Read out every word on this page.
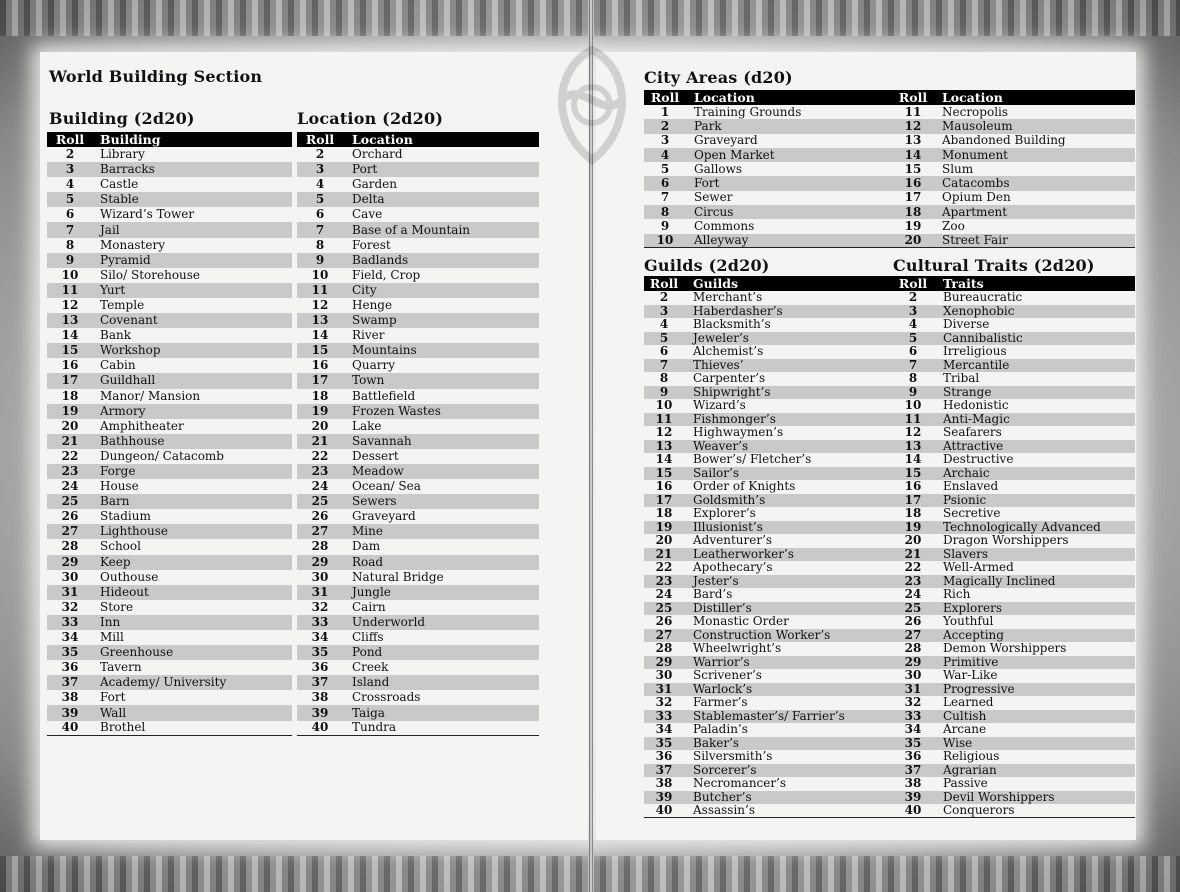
World Building Section
Building (2d20)
Roll	Building
2	Library
3	Barracks
4	Castle
5	Stable
6	Wizard’s Tower
7	Jail
8	Monastery
9	Pyramid
10	Silo/ Storehouse
11	Yurt
12	Temple
13	Covenant
14	Bank
15	Workshop
16	Cabin
17	Guildhall
18	Manor/ Mansion
19	Armory
20	Amphitheater
21	Bathhouse
22	Dungeon/ Catacomb
23	Forge
24	House
25	Barn
26	Stadium
27	Lighthouse
28	School
29	Keep
30	Outhouse
31	Hideout
32	Store
33	Inn
34	Mill
35	Greenhouse
36	Tavern
37	Academy/ University
38	Fort
39	Wall
40	Brothel
Location (2d20)
Roll	Location
2	Orchard
3	Port
4	Garden
5	Delta
6	Cave
7	Base of a Mountain
8	Forest
9	Badlands
10	Field, Crop
11	City
12	Henge
13	Swamp
14	River
15	Mountains
16	Quarry
17	Town
18	Battlefield
19	Frozen Wastes
20	Lake
21	Savannah
22	Dessert
23	Meadow
24	Ocean/ Sea
25	Sewers
26	Graveyard
27	Mine
28	Dam
29	Road
30	Natural Bridge
31	Jungle
32	Cairn
33	Underworld
34	Cliffs
35	Pond
36	Creek
37	Island
38	Crossroads
39	Taiga
40	Tundra
City Areas (d20)
Roll	Location	Roll	Location
1	Training Grounds	11	Necropolis
2	Park	12	Mausoleum
3	Graveyard	13	Abandoned Building
4	Open Market	14	Monument
5	Gallows	15	Slum
6	Fort	16	Catacombs
7	Sewer	17	Opium Den
8	Circus	18	Apartment
9	Commons	19	Zoo
10	Alleyway	20	Street Fair
Guilds (2d20)	Cultural Traits (2d20)
Roll	Guilds	Roll	Traits
2	Merchant’s	2	Bureaucratic
3	Haberdasher’s	3	Xenophobic
4	Blacksmith’s	4	Diverse
5	Jeweler’s	5	Cannibalistic
6	Alchemist’s	6	Irreligious
7	Thieves’	7	Mercantile
8	Carpenter’s	8	Tribal
9	Shipwright’s	9	Strange
10	Wizard’s	10	Hedonistic
11	Fishmonger’s	11	Anti-Magic
12	Highwaymen’s	12	Seafarers
13	Weaver’s	13	Attractive
14	Bower’s/ Fletcher’s	14	Destructive
15	Sailor’s	15	Archaic
16	Order of Knights	16	Enslaved
17	Goldsmith’s	17	Psionic
18	Explorer’s	18	Secretive
19	Illusionist’s	19	Technologically Advanced
20	Adventurer’s	20	Dragon Worshippers
21	Leatherworker’s	21	Slavers
22	Apothecary’s	22	Well-Armed
23	Jester’s	23	Magically Inclined
24	Bard’s	24	Rich
25	Distiller’s	25	Explorers
26	Monastic Order	26	Youthful
27	Construction Worker’s	27	Accepting
28	Wheelwright’s	28	Demon Worshippers
29	Warrior’s	29	Primitive
30	Scrivener’s	30	War-Like
31	Warlock’s	31	Progressive
32	Farmer’s	32	Learned
33	Stablemaster’s/ Farrier’s	33	Cultish
34	Paladin’s	34	Arcane
35	Baker’s	35	Wise
36	Silversmith’s	36	Religious
37	Sorcerer’s	37	Agrarian
38	Necromancer’s	38	Passive
39	Butcher’s	39	Devil Worshippers
40	Assassin’s	40	Conquerors
